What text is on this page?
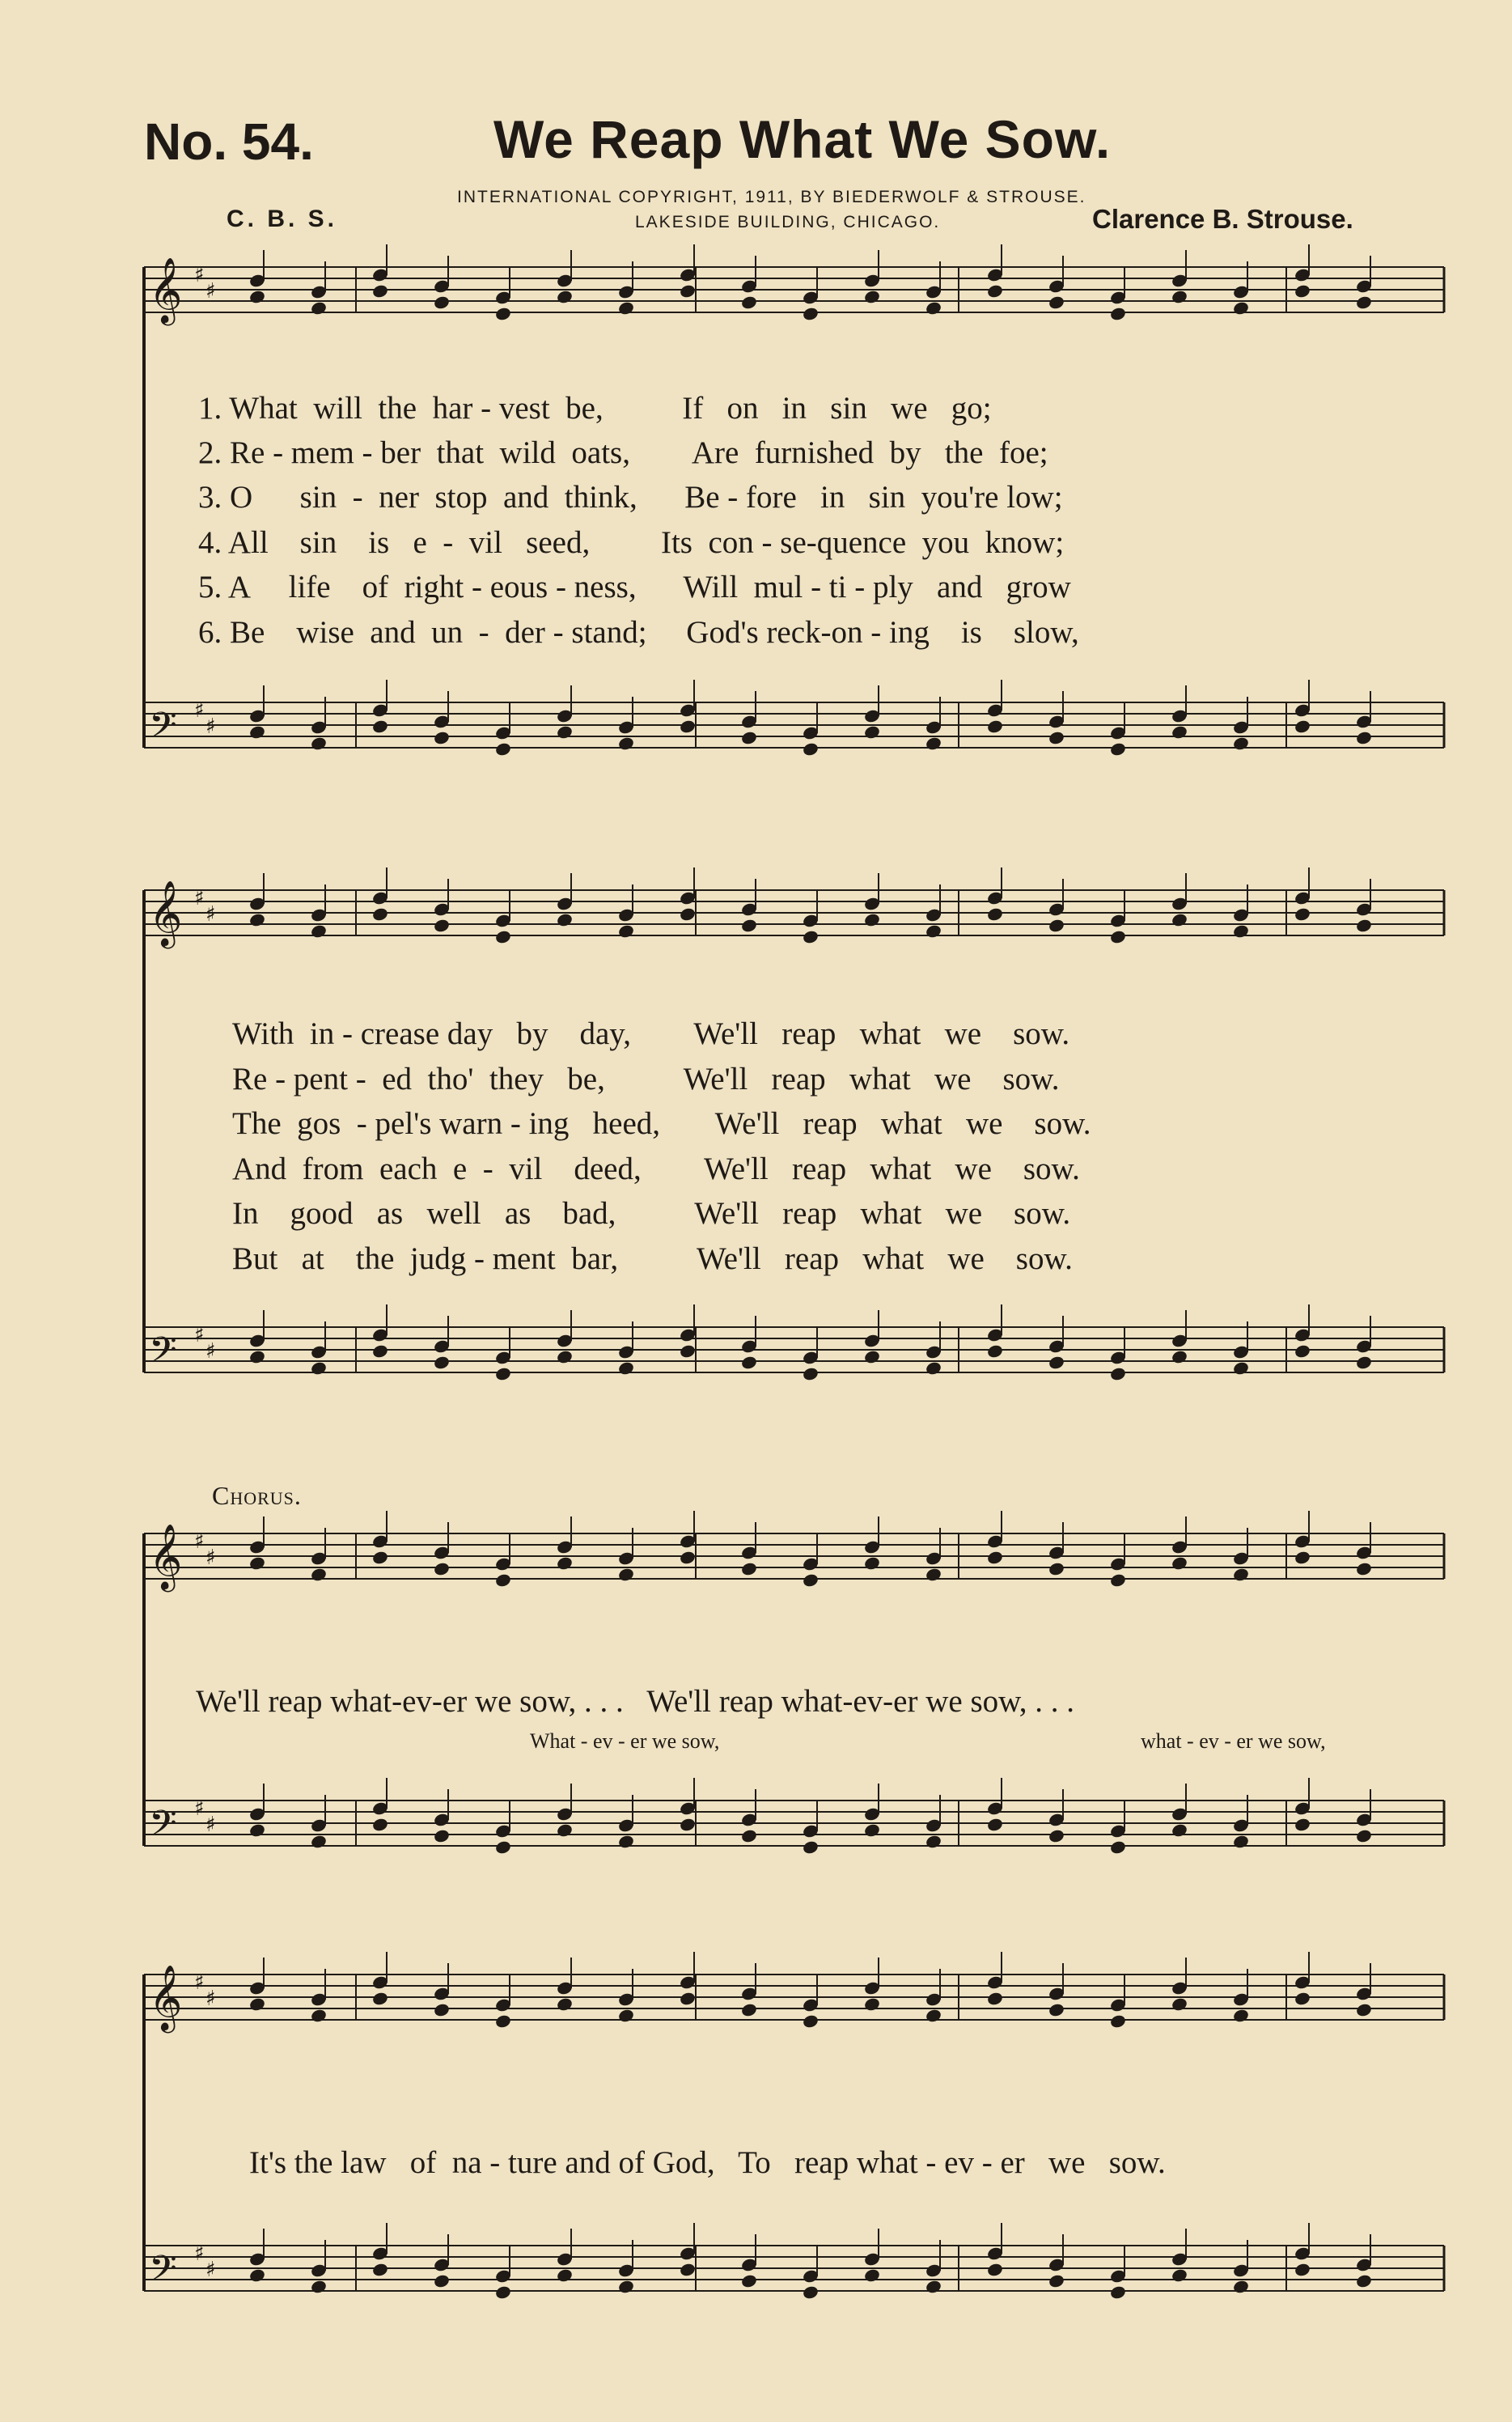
No. 54.	We Reap What We Sow.
INTERNATIONAL COPYRIGHT, 1911, BY BIEDERWOLF & STROUSE.
LAKESIDE BUILDING, CHICAGO.
C. B. S.	Clarence B. Strouse.
𝄞 ♯
♯
𝄢 ♯
♯
𝄞 ♯
♯
𝄢 ♯
♯
𝄞 ♯
♯
𝄢 ♯
♯
𝄞 ♯
♯
𝄢 ♯
♯
1. What  will  the  har - vest  be,          If   on   in   sin   we   go;
2. Re - mem - ber  that  wild  oats,        Are  furnished  by   the  foe;
3. O      sin  -  ner  stop  and  think,      Be - fore   in   sin  you're low;
4. All    sin    is   e  -  vil   seed,         Its  con - se-quence  you  know;
5. A     life    of  right - eous - ness,      Will  mul - ti - ply   and   grow
6. Be    wise  and  un  -  der - stand;     God's reck-on - ing    is    slow,
With  in - crease day   by    day,        We'll   reap   what   we    sow.
Re - pent -  ed  tho'  they   be,          We'll   reap   what   we    sow.
The  gos  - pel's warn - ing   heed,       We'll   reap   what   we    sow.
And  from  each  e  -  vil    deed,        We'll   reap   what   we    sow.
In    good   as   well   as    bad,          We'll   reap   what   we    sow.
But   at    the  judg - ment  bar,          We'll   reap   what   we    sow.
Chorus.
We'll reap what-ev-er we sow, . . .   We'll reap what-ev-er we sow, . . .
What - ev - er we sow,	what - ev - er we sow,
It's the law   of  na - ture and of God,   To   reap what - ev - er   we   sow.
